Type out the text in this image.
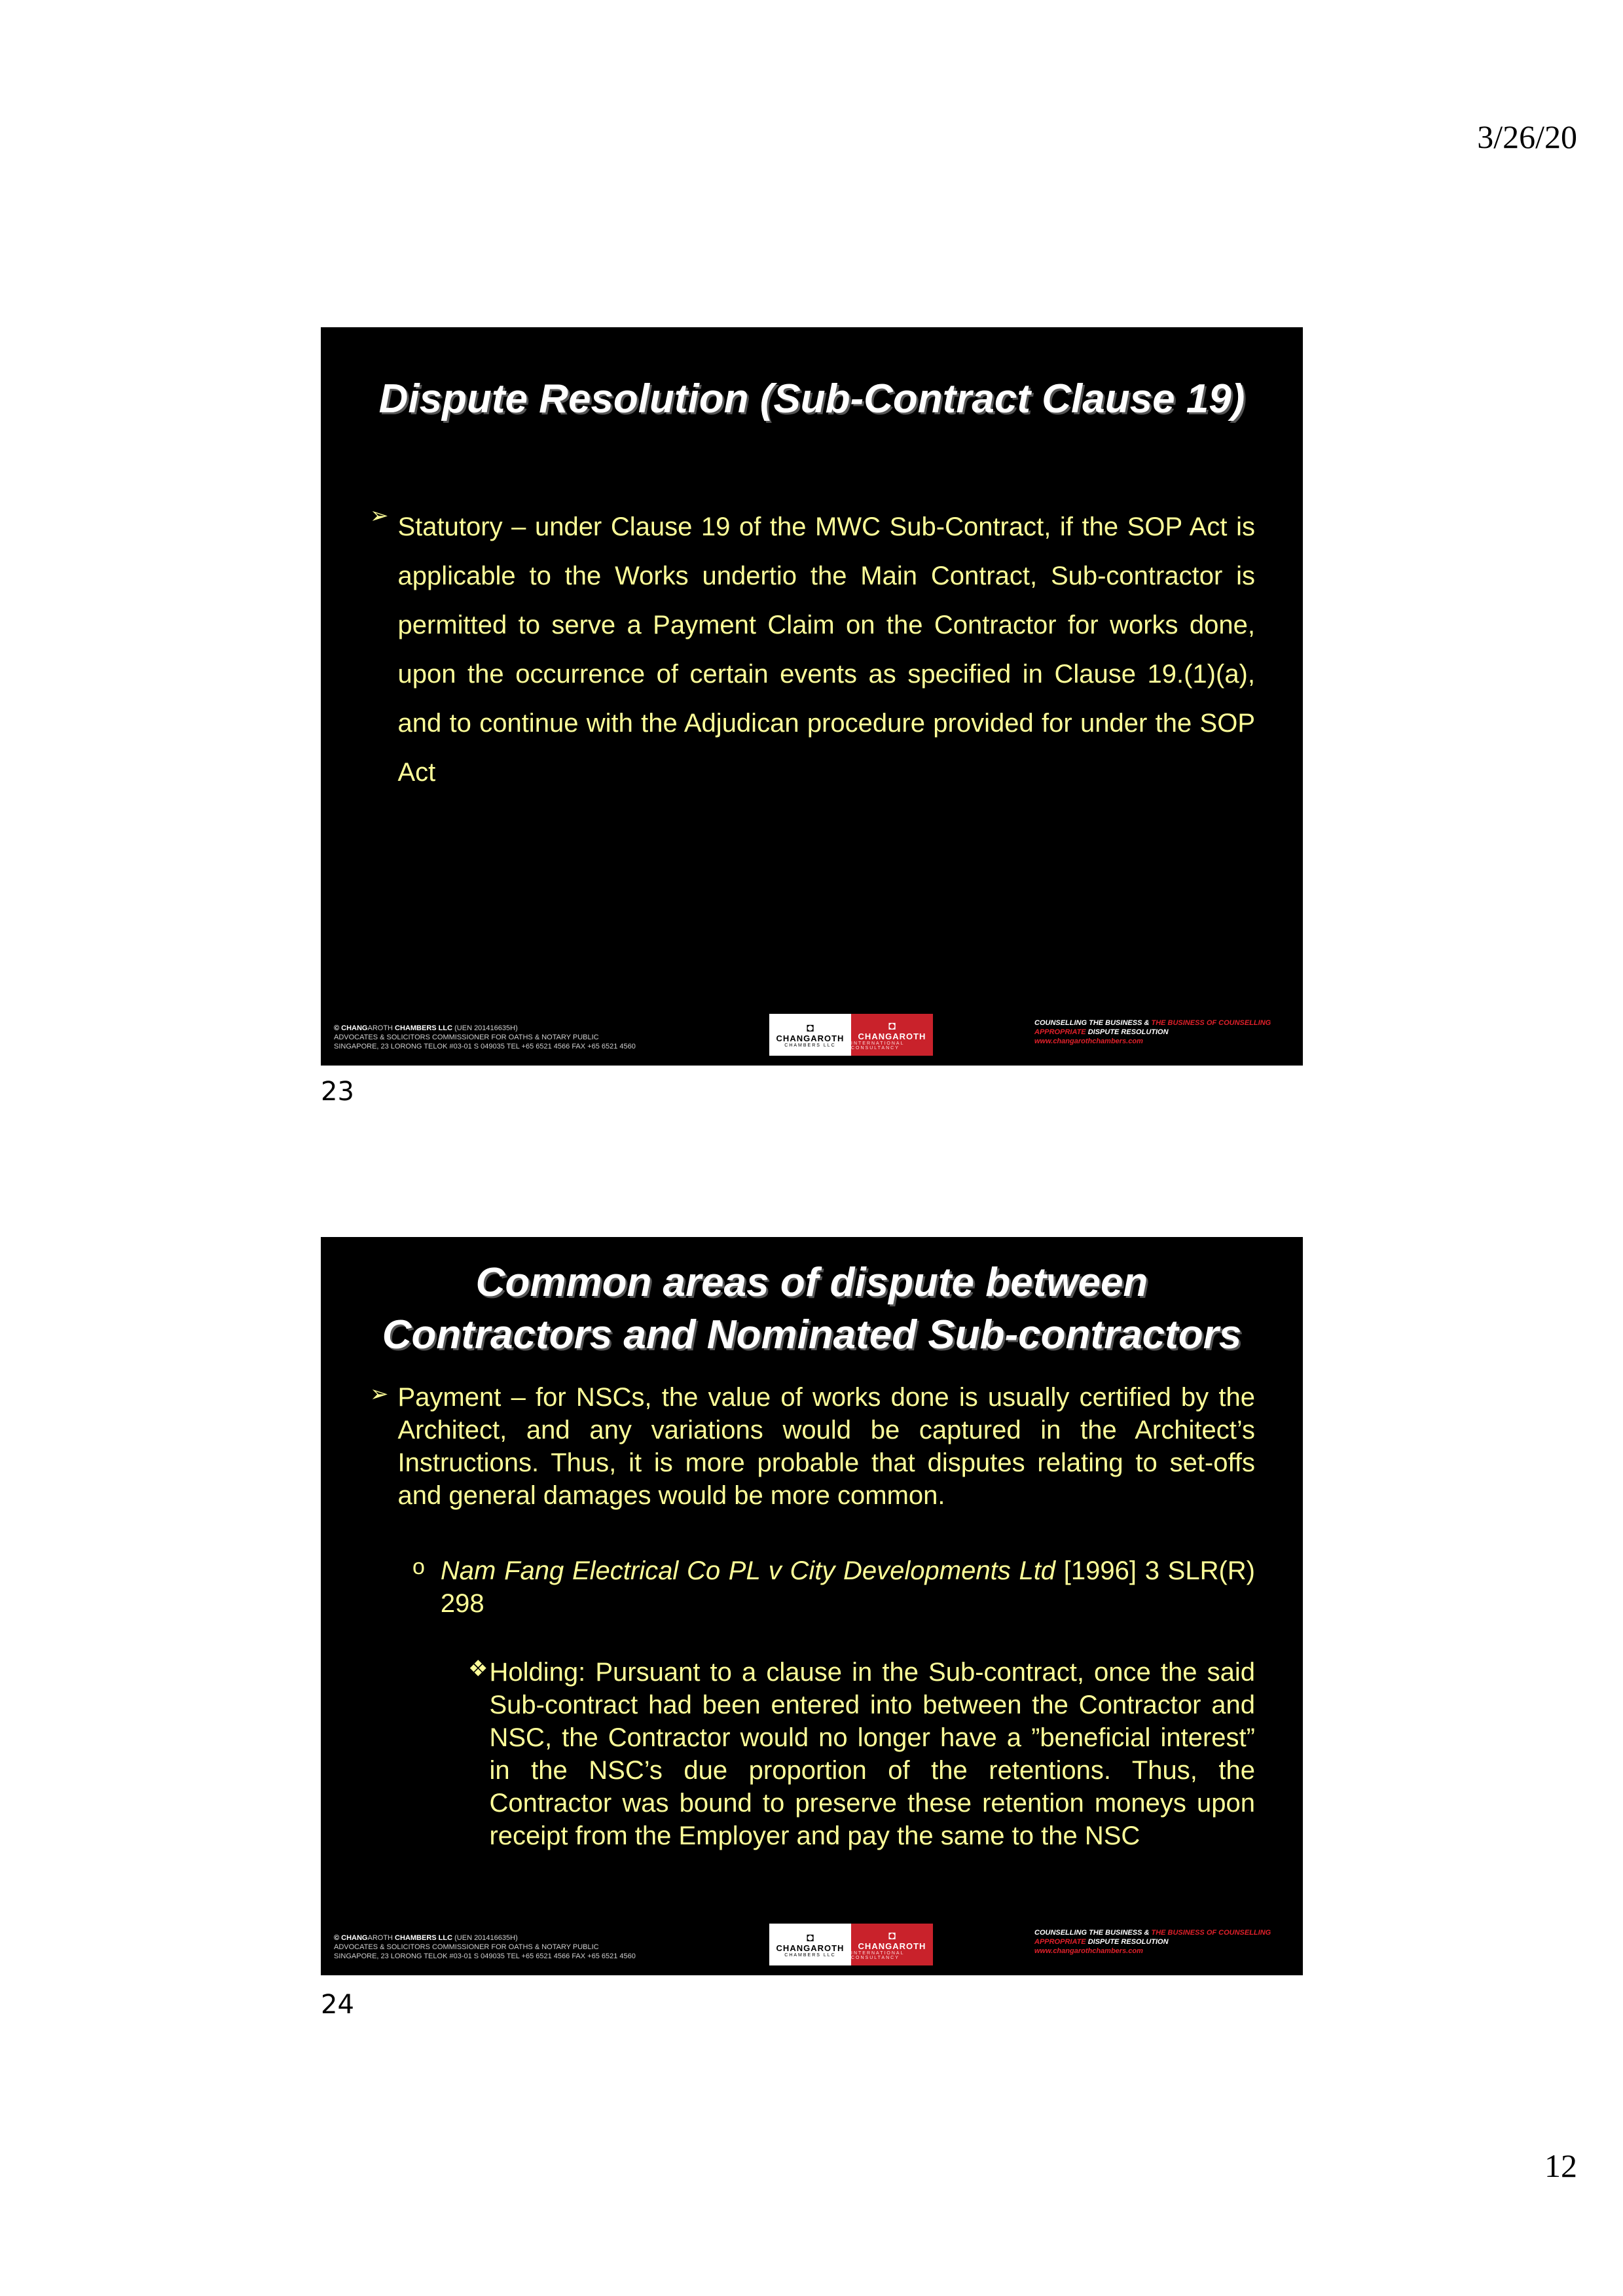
3/26/20
Dispute Resolution (Sub-Contract Clause 19)
➢ Statutory – under Clause 19 of the MWC Sub-Contract, if the SOP Act is applicable to the Works undertio the Main Contract, Sub-contractor is permitted to serve a Payment Claim on the Contractor for works done, upon the occurrence of certain events as specified in Clause 19.(1)(a), and to continue with the Adjudican procedure provided for under the SOP Act
© CHANGAROTH CHAMBERS LLC (UEN 201416635H)
ADVOCATES & SOLICITORS COMMISSIONER FOR OATHS & NOTARY PUBLIC
SINGAPORE, 23 LORONG TELOK #03-01 S 049035 TEL +65 6521 4566 FAX +65 6521 4560
◘
CHANGAROTH
CHAMBERS LLC
◘
CHANGAROTH
INTERNATIONAL CONSULTANCY
COUNSELLING THE BUSINESS & THE BUSINESS OF COUNSELLING
APPROPRIATE DISPUTE RESOLUTION
www.changarothchambers.com
23
Common areas of dispute between
Contractors and Nominated Sub-contractors
➢ Payment – for NSCs, the value of works done is usually certified by the Architect, and any variations would be captured in the Architect’s Instructions. Thus, it is more probable that disputes relating to set-offs and general damages would be more common.
o Nam Fang Electrical Co PL v City Developments Ltd [1996] 3 SLR(R) 298
❖ Holding: Pursuant to a clause in the Sub-contract, once the said Sub-contract had been entered into between the Contractor and NSC, the Contractor would no longer have a ”beneficial interest” in the NSC’s due proportion of the retentions. Thus, the Contractor was bound to preserve these retention moneys upon receipt from the Employer and pay the same to the NSC
© CHANGAROTH CHAMBERS LLC (UEN 201416635H)
ADVOCATES & SOLICITORS COMMISSIONER FOR OATHS & NOTARY PUBLIC
SINGAPORE, 23 LORONG TELOK #03-01 S 049035 TEL +65 6521 4566 FAX +65 6521 4560
◘
CHANGAROTH
CHAMBERS LLC
◘
CHANGAROTH
INTERNATIONAL CONSULTANCY
COUNSELLING THE BUSINESS & THE BUSINESS OF COUNSELLING
APPROPRIATE DISPUTE RESOLUTION
www.changarothchambers.com
24
12
